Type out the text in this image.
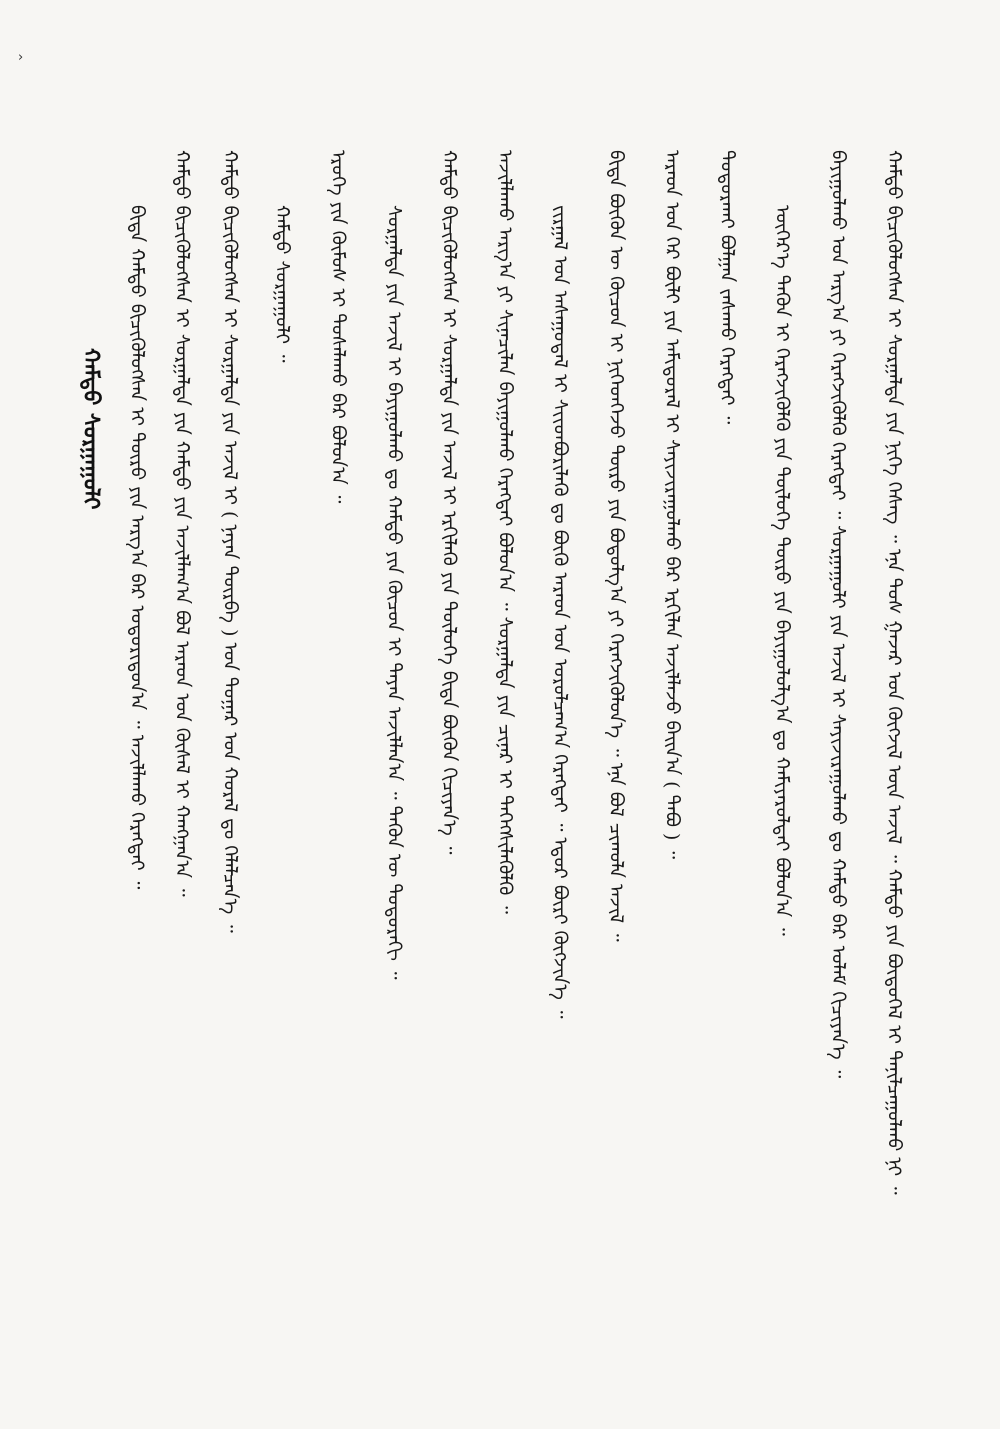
›
ᠬᠠᠮᠲᠤ ᠰᠤᠷᠭᠠᠭᠤᠯᠢ	ᠬᠠᠮᠲᠤ ᠪᠢᠴᠢᠭᠦᠯᠦᠭᠰᠡᠨ ᠢ ᠰᠤᠷᠭᠠᠯᠲᠠ ᠶᠢᠨ ᠨᠢᠭᠡ ᠬᠡᠰᠡᠭ ᠃ ᠡᠨᠡ ᠲᠤᠰ ᠭᠠᠵᠠᠷ ᠤᠨ ᠬᠥᠭᠵᠢᠯ ᠦᠨ ᠠᠵᠢᠯ ᠃ ᠬᠠᠮᠲᠤ ᠶᠢᠨ ᠪᠦᠲᠦᠭᠡᠯ ᠢ ᠲᠠᠨᠢᠯᠴᠠᠭᠤᠯᠬᠤ ᠨᠢ ᠃
ᠪᠠᠶᠢᠭᠤᠯᠬᠤ ᠤᠨ ᠠᠷᠭ᠎ᠠ ᠶᠢ ᠬᠡᠷᠡᠭᠵᠢᠭᠦᠯᠬᠦ ᠬᠡᠷᠡᠭᠲᠡᠢ ᠃ ᠰᠤᠷᠭᠠᠭᠤᠯᠢ ᠶᠢᠨ ᠠᠵᠢᠯ ᠢ ᠰᠠᠶᠢᠵᠢᠷᠠᠭᠤᠯᠬᠤ ᠳᠤ ᠬᠠᠮᠲᠤ ᠪᠠᠷ ᠤᠯᠠᠮ ᠬᠢᠴᠢᠶᠡᠨ᠎ᠡ ᠃
ᠥᠭᠡᠷ᠎ᠡ ᠲᠡᠭᠦᠨ ᠢ ᠬᠡᠷᠡᠭᠵᠢᠭᠦᠯᠬᠦ ᠶᠢᠨ ᠲᠥᠯᠦᠭᠡ ᠲᠥᠷᠥ ᠶᠢᠨ ᠪᠠᠶᠢᠭᠤᠯᠤᠯᠭ᠎ᠠ ᠳᠤ ᠬᠠᠮᠢᠶᠠᠷᠤᠯᠲᠠᠢ ᠪᠣᠯᠤᠨ᠎ᠠ ᠃
ᠲᠣᠳᠤᠷᠬᠠᠢ ᠪᠣᠯᠭᠠᠨ ᠵᠠᠰᠠᠬᠤ ᠬᠡᠷᠡᠭᠲᠡᠢ ᠃
ᠠᠷᠠᠳ ᠤᠨ ᠭᠡᠷ ᠪᠦᠯᠢ ᠶᠢᠨ ᠠᠮᠢᠳᠤᠷᠠᠯ ᠢ ᠰᠠᠶᠢᠵᠢᠷᠠᠭᠤᠯᠬᠤ ᠪᠠᠷ ᠡᠷᠬᠢᠯᠡᠨ ᠠᠵᠢᠯᠯᠠᠵᠤ ᠪᠠᠢᠨ᠎ᠠ ( ᠲᠠᠪᠤ ) ᠃
ᠪᠢᠳᠡ ᠪᠦᠬᠦᠨ ᠦ ᠬᠦᠴᠦᠨ ᠢ ᠨᠢᠭᠡᠳᠬᠡᠵᠦ ᠲᠥᠷᠥ ᠶᠢᠨ ᠪᠣᠳᠤᠯᠭ᠎ᠠ ᠶᠢ ᠬᠡᠷᠡᠭᠵᠢᠭᠦᠯᠦᠨ᠎ᠡ ᠃ ᠡᠨᠡ ᠪᠣᠯ ᠴᠢᠬᠤᠯᠠ ᠠᠵᠢᠯ ᠃
ᠵᠢᠷᠭᠠᠯ ᠤᠨ ᠠᠰᠠᠭᠤᠳᠠᠯ ᠢ ᠰᠢᠢᠳᠪᠦᠷᠢᠯᠡᠬᠦ ᠳᠤ ᠪᠦᠬᠦ ᠠᠷᠠᠳ ᠤᠨ ᠣᠷᠤᠯᠴᠠᠭ᠎ᠠ ᠬᠡᠷᠡᠭᠲᠡᠢ ᠃ ᠡᠳᠦᠷ ᠪᠦᠷᠢ ᠬᠥᠭᠵᠢᠨ᠎ᠡ ᠃
ᠠᠵᠢᠯᠯᠠᠬᠤ ᠠᠷᠭ᠎ᠠ ᠶᠢ ᠰᠢᠨᠡᠴᠢᠯᠡᠨ ᠪᠠᠶᠢᠭᠤᠯᠬᠤ ᠬᠡᠷᠡᠭᠲᠡᠢ ᠪᠣᠯᠤᠨ᠎ᠠ ᠃ ᠰᠤᠷᠭᠠᠯᠲᠠ ᠶᠢᠨ ᠴᠢᠨᠠᠷ ᠢ ᠳᠡᠭᠡᠭᠰᠢᠯᠡᠭᠦᠯᠬᠦ ᠃
ᠬᠠᠮᠲᠤ ᠪᠢᠴᠢᠭᠦᠯᠦᠭᠰᠡᠨ ᠢ ᠰᠤᠷᠭᠠᠯᠲᠠ ᠶᠢᠨ ᠠᠵᠢᠯ ᠢ ᠡᠷᠬᠢᠯᠡᠬᠦ ᠶᠢᠨ ᠲᠥᠯᠦᠭᠡ ᠪᠢᠳᠡ ᠪᠦᠬᠦᠨ ᠬᠢᠴᠢᠶᠡᠨ᠎ᠡ ᠃
ᠰᠤᠷᠭᠠᠯᠲᠠ ᠶᠢᠨ ᠠᠵᠢᠯ ᠢ ᠪᠠᠶᠢᠭᠤᠯᠬᠤ ᠳᠤ ᠬᠠᠮᠲᠤ ᠶᠢᠨ ᠬᠦᠴᠦᠨ ᠢ ᠳᠠᠶᠠᠨ ᠠᠵᠢᠯᠯᠠᠨ᠎ᠠ ᠃ ᠲᠡᠭᠦᠨ ᠦ ᠳᠣᠳᠣᠷᠠᠬᠢ ᠃
ᠡᠷᠦᠬᠡ ᠶᠢᠨ ᠬᠦᠮᠦᠰ ᠢ ᠲᠤᠰᠠᠯᠠᠬᠤ ᠪᠠᠷ ᠪᠣᠯᠤᠨ᠎ᠠ ᠃
ᠬᠠᠮᠲᠤ ᠰᠤᠷᠭᠠᠭᠤᠯᠢ ᠃
ᠬᠠᠮᠲᠤ ᠪᠢᠴᠢᠭᠦᠯᠦᠭᠰᠡᠨ ᠢ ᠰᠤᠷᠭᠠᠯᠲᠠ ᠶᠢᠨ ᠠᠵᠢᠯ ᠢ ( ᠨᠠᠶᠠᠨ ᠳᠥᠷᠪᠡ ) ᠤᠨ ᠳᠤᠭᠠᠷ ᠤᠨ ᠬᠤᠷᠠᠯ ᠳᠤ ᠬᠡᠯᠡᠯᠴᠡᠨ᠎ᠡ ᠃
ᠬᠠᠮᠲᠤ ᠪᠢᠴᠢᠭᠦᠯᠦᠭᠰᠡᠨ ᠢ ᠰᠤᠷᠭᠠᠯᠲᠠ ᠶᠢᠨ ᠬᠠᠮᠲᠤ ᠶᠢᠨ ᠠᠵᠢᠯᠯᠠᠭ᠎ᠠ ᠪᠣᠯ ᠠᠷᠠᠳ ᠤᠨ ᠬᠦᠰᠡᠯ ᠢ ᠬᠠᠩᠭᠠᠨ᠎ᠠ ᠃
ᠪᠢᠳᠡ ᠬᠠᠮᠲᠤ ᠪᠢᠴᠢᠭᠦᠯᠦᠭᠰᠡᠨ ᠢ ᠲᠥᠷᠥ ᠶᠢᠨ ᠠᠷᠭ᠎ᠠ ᠪᠠᠷ ᠤᠳᠤᠷᠢᠳᠤᠨ᠎ᠠ ᠃ ᠠᠵᠢᠯᠯᠠᠬᠤ ᠬᠡᠷᠡᠭᠲᠡᠢ ᠃
